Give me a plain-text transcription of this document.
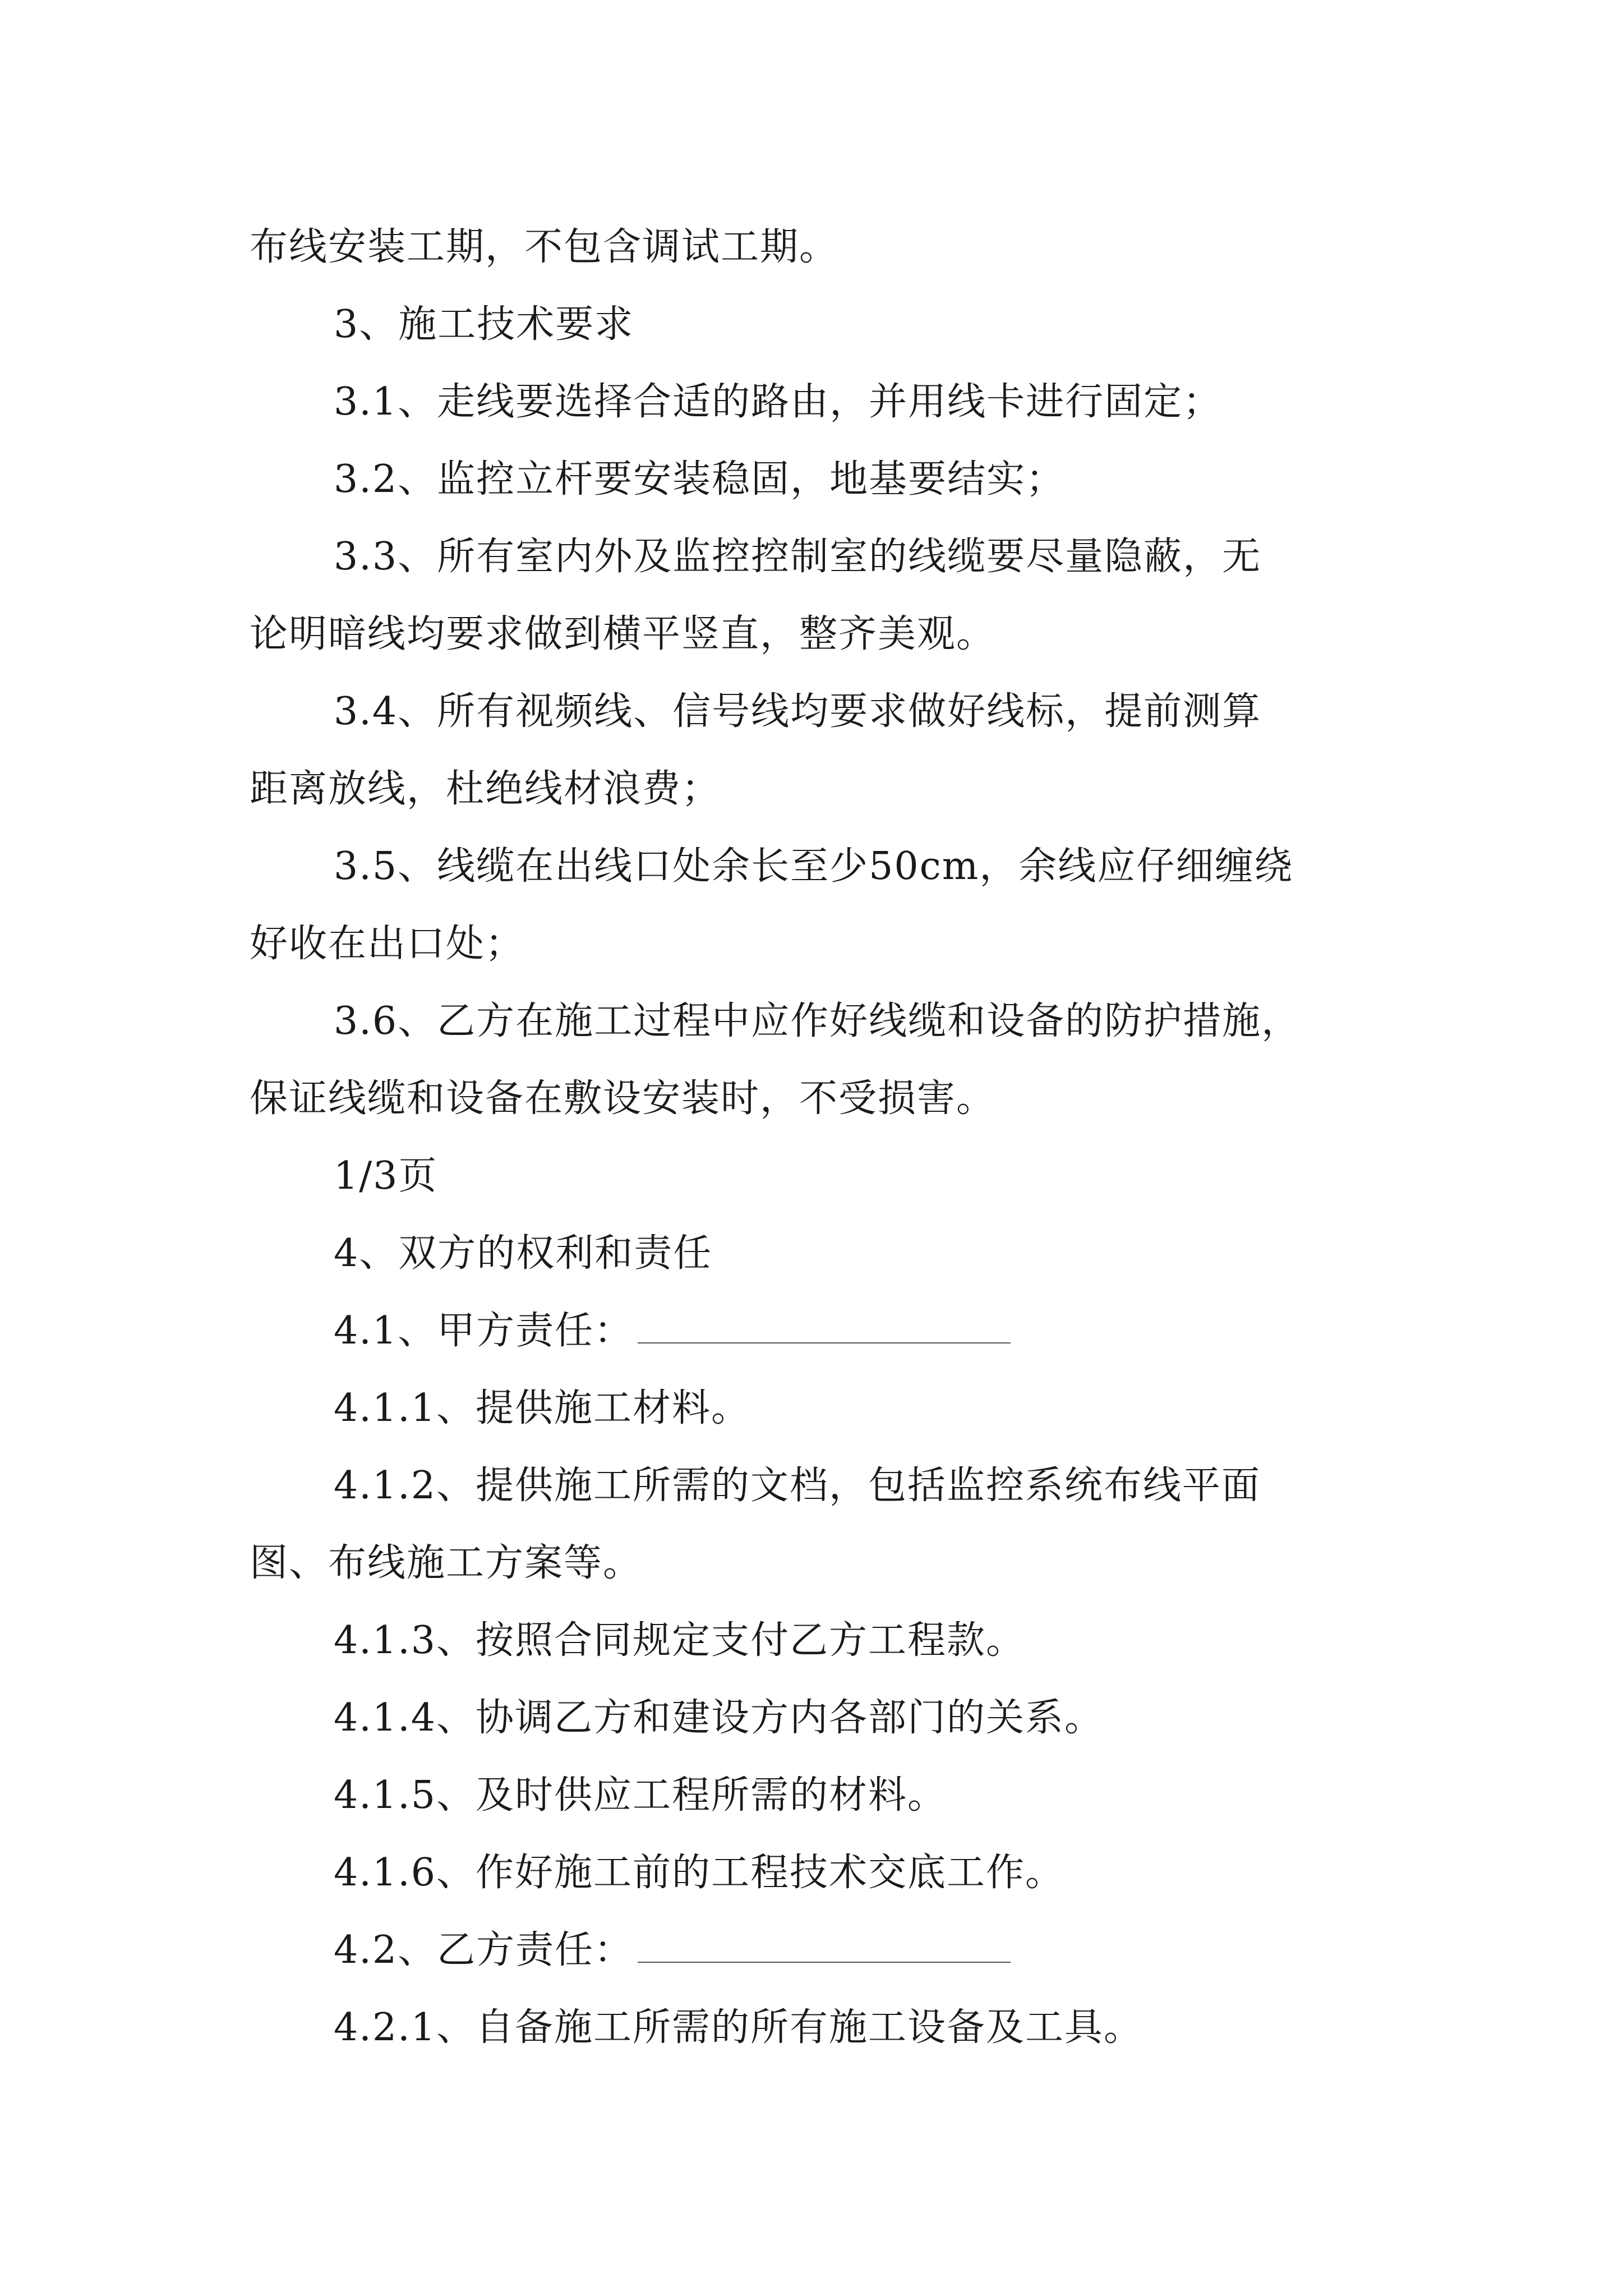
布线安装工期，不包含调试工期。
3、施工技术要求
3.1、走线要选择合适的路由，并用线卡进行固定；
3.2、监控立杆要安装稳固，地基要结实；
3.3、所有室内外及监控控制室的线缆要尽量隐蔽，无
论明暗线均要求做到横平竖直，整齐美观。
3.4、所有视频线、信号线均要求做好线标，提前测算
距离放线，杜绝线材浪费；
3.5、线缆在出线口处余长至少50cm，余线应仔细缠绕
好收在出口处；
3.6、乙方在施工过程中应作好线缆和设备的防护措施，
保证线缆和设备在敷设安装时，不受损害。
1/3页
4、双方的权利和责任
4.1、甲方责任：
4.1.1、提供施工材料。
4.1.2、提供施工所需的文档，包括监控系统布线平面
图、布线施工方案等。
4.1.3、按照合同规定支付乙方工程款。
4.1.4、协调乙方和建设方内各部门的关系。
4.1.5、及时供应工程所需的材料。
4.1.6、作好施工前的工程技术交底工作。
4.2、乙方责任：
4.2.1、自备施工所需的所有施工设备及工具。
